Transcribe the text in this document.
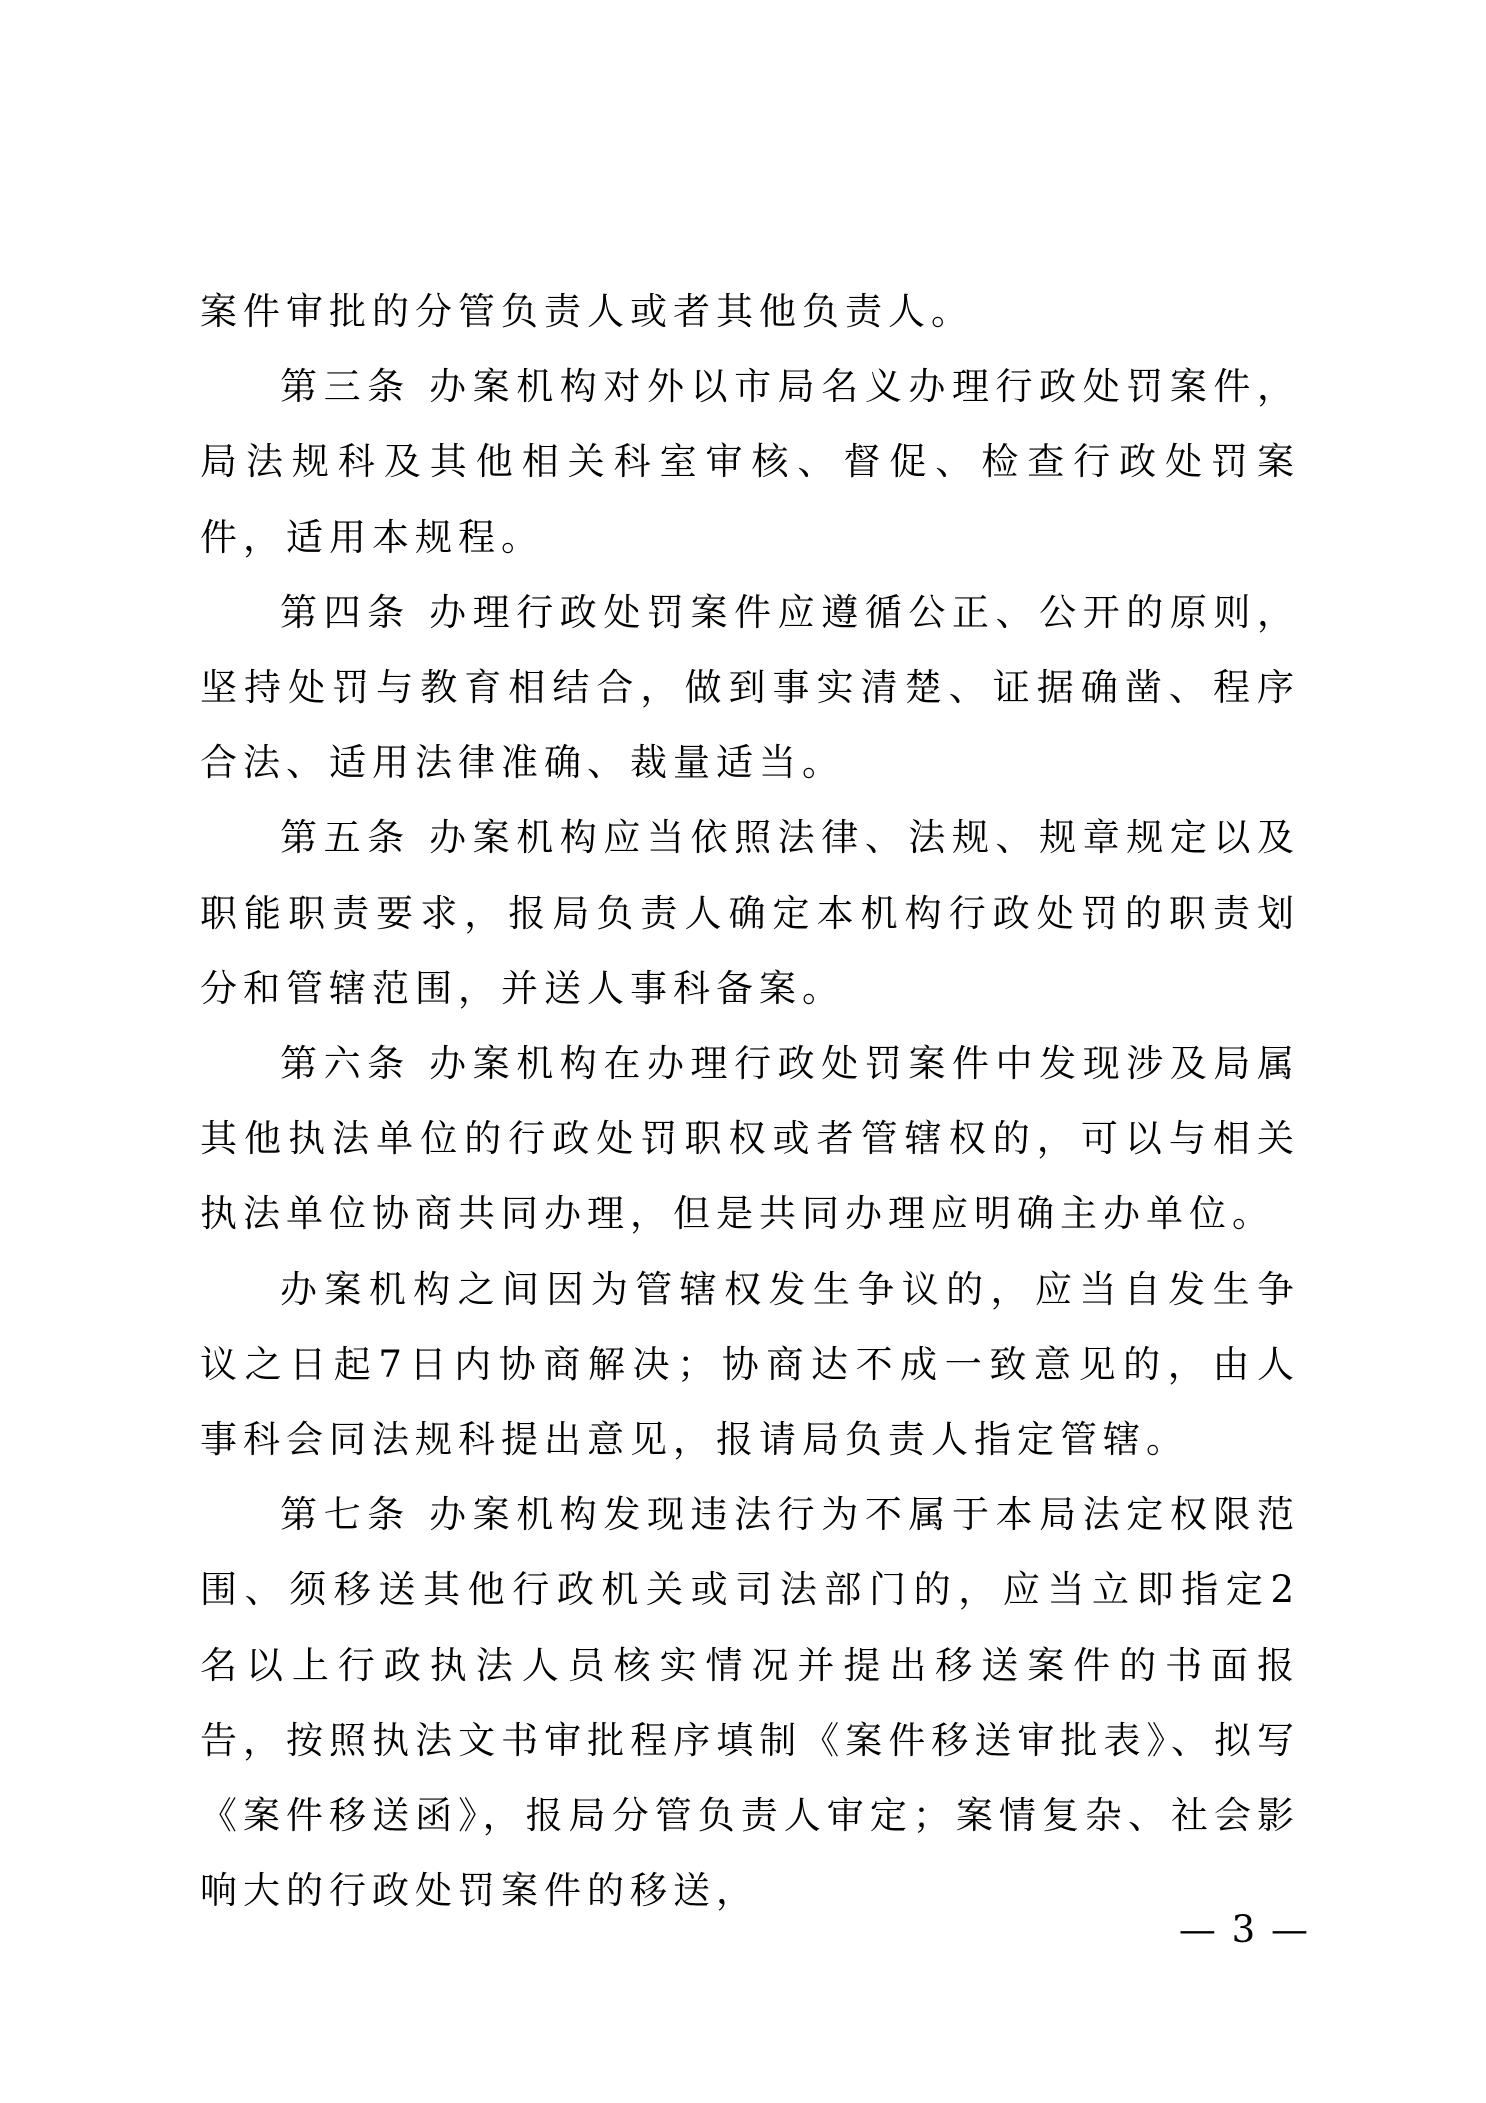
案件审批的分管负责人或者其他负责人。

第三条 办案机构对外以市局名义办理行政处罚案件，局法规科及其他相关科室审核、督促、检查行政处罚案件，适用本规程。

第四条 办理行政处罚案件应遵循公正、公开的原则，坚持处罚与教育相结合，做到事实清楚、证据确凿、程序合法、适用法律准确、裁量适当。

第五条 办案机构应当依照法律、法规、规章规定以及职能职责要求，报局负责人确定本机构行政处罚的职责划分和管辖范围，并送人事科备案。

第六条 办案机构在办理行政处罚案件中发现涉及局属其他执法单位的行政处罚职权或者管辖权的，可以与相关执法单位协商共同办理，但是共同办理应明确主办单位。

办案机构之间因为管辖权发生争议的，应当自发生争议之日起7日内协商解决；协商达不成一致意见的，由人事科会同法规科提出意见，报请局负责人指定管辖。

第七条 办案机构发现违法行为不属于本局法定权限范围、须移送其他行政机关或司法部门的，应当立即指定2名以上行政执法人员核实情况并提出移送案件的书面报告，按照执法文书审批程序填制《案件移送审批表》、拟写《案件移送函》，报局分管负责人审定；案情复杂、社会影响大的行政处罚案件的移送，

— 3 —
